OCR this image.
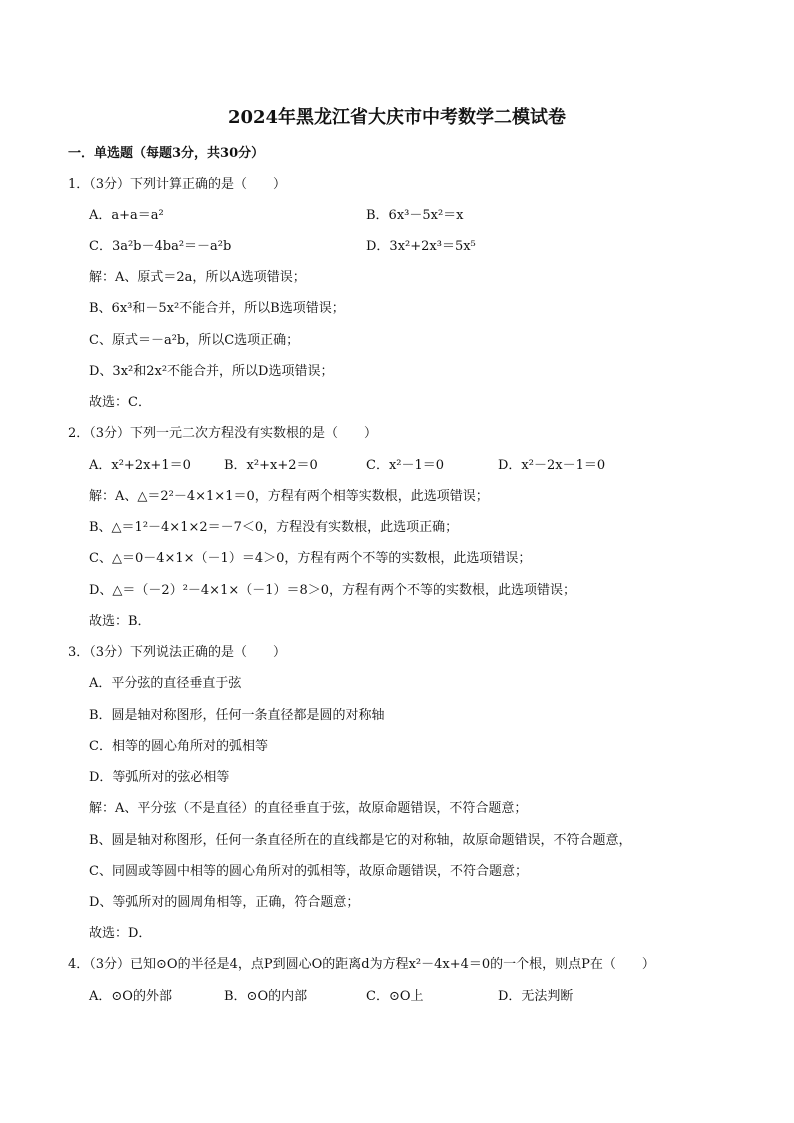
2024年黑龙江省大庆市中考数学二模试卷
一．单选题（每题3分，共30分）
1．（3分）下列计算正确的是（　　）
A．a+a＝a²	B．6x³－5x²＝x
C．3a²b－4ba²＝－a²b	D．3x²+2x³＝5x⁵
解：A、原式＝2a，所以A选项错误；
B、6x³和－5x²不能合并，所以B选项错误；
C、原式＝－a²b，所以C选项正确；
D、3x²和2x²不能合并，所以D选项错误；
故选：C．
2．（3分）下列一元二次方程没有实数根的是（　　）
A．x²+2x+1＝0	B．x²+x+2＝0	C．x²－1＝0	D．x²－2x－1＝0
解：A、△＝2²－4×1×1＝0，方程有两个相等实数根，此选项错误；
B、△＝1²－4×1×2＝－7＜0，方程没有实数根，此选项正确；
C、△＝0－4×1×（－1）＝4＞0，方程有两个不等的实数根，此选项错误；
D、△＝（－2）²－4×1×（－1）＝8＞0，方程有两个不等的实数根，此选项错误；
故选：B．
3．（3分）下列说法正确的是（　　）
A．平分弦的直径垂直于弦
B．圆是轴对称图形，任何一条直径都是圆的对称轴
C．相等的圆心角所对的弧相等
D．等弧所对的弦必相等
解：A、平分弦（不是直径）的直径垂直于弦，故原命题错误，不符合题意；
B、圆是轴对称图形，任何一条直径所在的直线都是它的对称轴，故原命题错误，不符合题意，
C、同圆或等圆中相等的圆心角所对的弧相等，故原命题错误，不符合题意；
D、等弧所对的圆周角相等，正确，符合题意；
故选：D．
4．（3分）已知⊙O的半径是4，点P到圆心O的距离d为方程x²－4x+4＝0的一个根，则点P在（　　）
A．⊙O的外部	B．⊙O的内部	C．⊙O上	D．无法判断
